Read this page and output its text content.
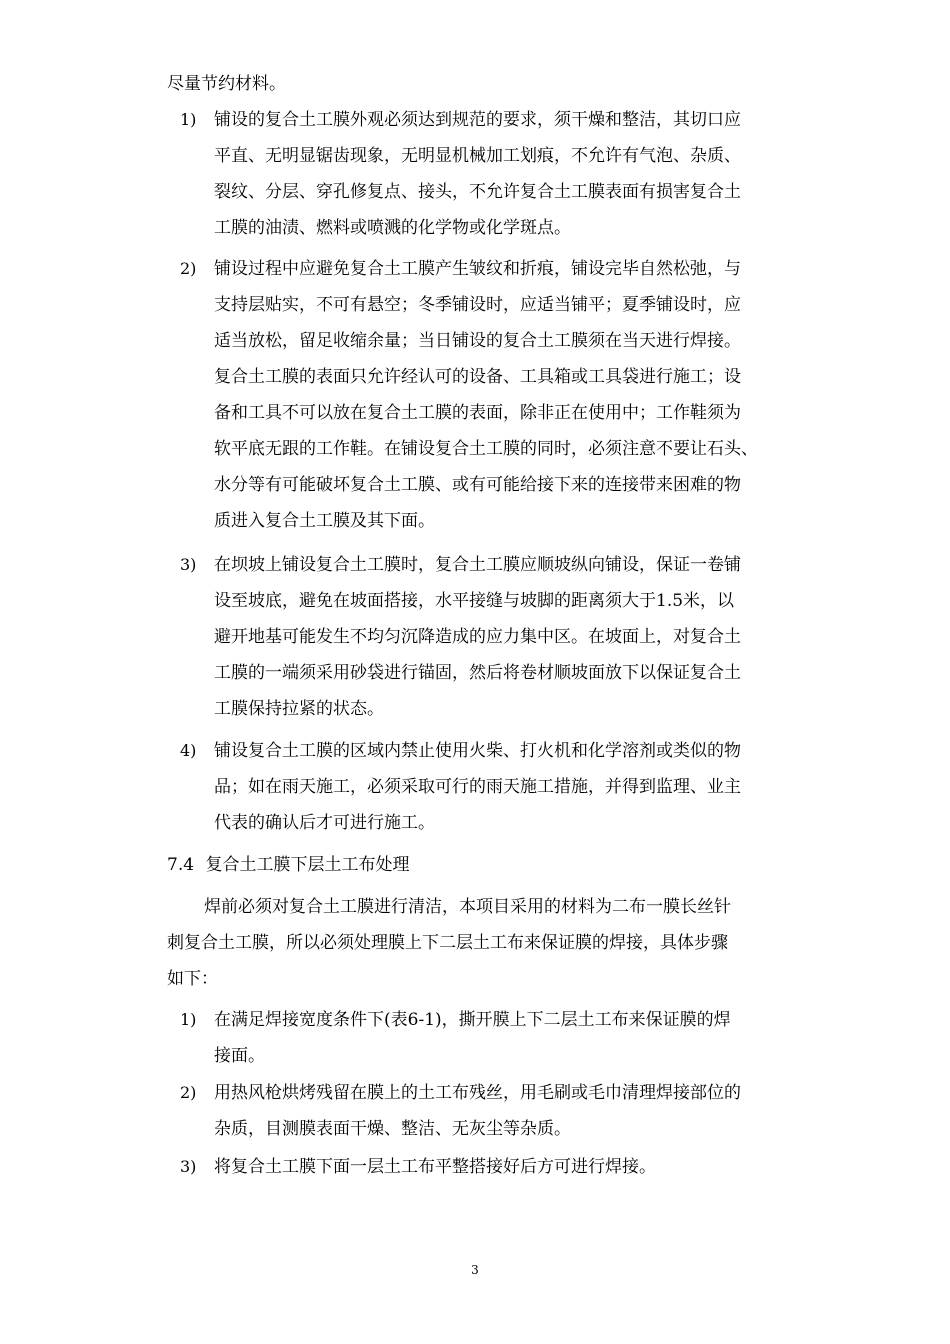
尽量节约材料。
1) 铺设的复合土工膜外观必须达到规范的要求，须干燥和整洁，其切口应
平直、无明显锯齿现象，无明显机械加工划痕，不允许有气泡、杂质、
裂纹、分层、穿孔修复点、接头，不允许复合土工膜表面有损害复合土
工膜的油渍、燃料或喷溅的化学物或化学斑点。
2) 铺设过程中应避免复合土工膜产生皱纹和折痕，铺设完毕自然松弛，与
支持层贴实，不可有悬空；冬季铺设时，应适当铺平；夏季铺设时，应
适当放松，留足收缩余量；当日铺设的复合土工膜须在当天进行焊接。
复合土工膜的表面只允许经认可的设备、工具箱或工具袋进行施工；设
备和工具不可以放在复合土工膜的表面，除非正在使用中；工作鞋须为
软平底无跟的工作鞋。在铺设复合土工膜的同时，必须注意不要让石头、
水分等有可能破坏复合土工膜、或有可能给接下来的连接带来困难的物
质进入复合土工膜及其下面。
3) 在坝坡上铺设复合土工膜时，复合土工膜应顺坡纵向铺设，保证一卷铺
设至坡底，避免在坡面搭接，水平接缝与坡脚的距离须大于1.5米，以
避开地基可能发生不均匀沉降造成的应力集中区。在坡面上，对复合土
工膜的一端须采用砂袋进行锚固，然后将卷材顺坡面放下以保证复合土
工膜保持拉紧的状态。
4) 铺设复合土工膜的区域内禁止使用火柴、打火机和化学溶剂或类似的物
品；如在雨天施工，必须采取可行的雨天施工措施，并得到监理、业主
代表的确认后才可进行施工。
7.4 复合土工膜下层土工布处理
焊前必须对复合土工膜进行清洁，本项目采用的材料为二布一膜长丝针
刺复合土工膜，所以必须处理膜上下二层土工布来保证膜的焊接，具体步骤
如下：
1) 在满足焊接宽度条件下(表6-1)，撕开膜上下二层土工布来保证膜的焊
接面。
2) 用热风枪烘烤残留在膜上的土工布残丝，用毛刷或毛巾清理焊接部位的
杂质，目测膜表面干燥、整洁、无灰尘等杂质。
3) 将复合土工膜下面一层土工布平整搭接好后方可进行焊接。
3
